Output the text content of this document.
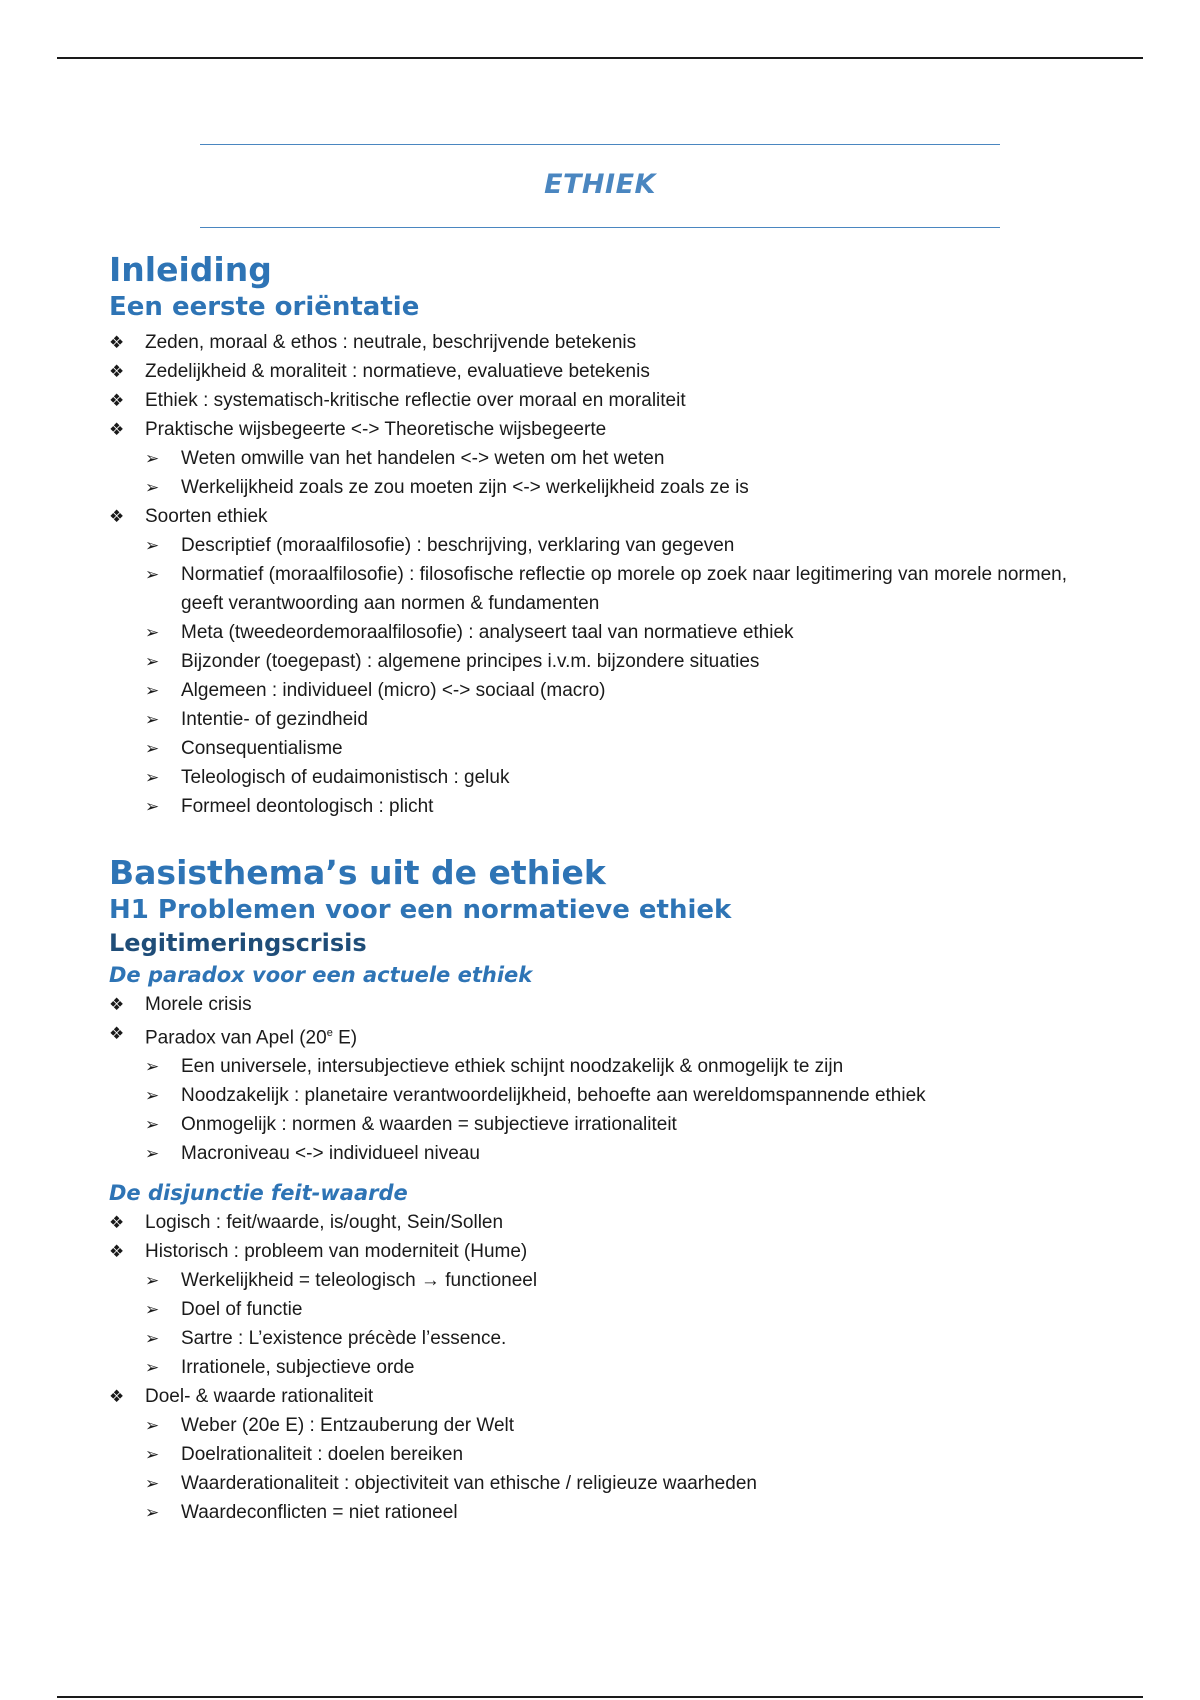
ETHIEK
Inleiding
Een eerste oriëntatie
❖ Zeden, moraal & ethos : neutrale, beschrijvende betekenis
❖ Zedelijkheid & moraliteit : normatieve, evaluatieve betekenis
❖ Ethiek : systematisch-kritische reflectie over moraal en moraliteit
❖ Praktische wijsbegeerte <-> Theoretische wijsbegeerte
➢ Weten omwille van het handelen <-> weten om het weten
➢ Werkelijkheid zoals ze zou moeten zijn <-> werkelijkheid zoals ze is
❖ Soorten ethiek
➢ Descriptief (moraalfilosofie) : beschrijving, verklaring van gegeven
➢ Normatief (moraalfilosofie) : filosofische reflectie op morele op zoek naar legitimering van morele normen, geeft verantwoording aan normen & fundamenten
➢ Meta (tweedeordemoraalfilosofie) : analyseert taal van normatieve ethiek
➢ Bijzonder (toegepast) : algemene principes i.v.m. bijzondere situaties
➢ Algemeen : individueel (micro) <-> sociaal (macro)
➢ Intentie- of gezindheid
➢ Consequentialisme
➢ Teleologisch of eudaimonistisch : geluk
➢ Formeel deontologisch : plicht
Basisthema’s uit de ethiek
H1 Problemen voor een normatieve ethiek
Legitimeringscrisis
De paradox voor een actuele ethiek
❖ Morele crisis
❖ Paradox van Apel (20e E)
➢ Een universele, intersubjectieve ethiek schijnt noodzakelijk & onmogelijk te zijn
➢ Noodzakelijk : planetaire verantwoordelijkheid, behoefte aan wereldomspannende ethiek
➢ Onmogelijk : normen & waarden = subjectieve irrationaliteit
➢ Macroniveau <-> individueel niveau
De disjunctie feit-waarde
❖ Logisch : feit/waarde, is/ought, Sein/Sollen
❖ Historisch : probleem van moderniteit (Hume)
➢ Werkelijkheid = teleologisch → functioneel
➢ Doel of functie
➢ Sartre : L’existence précède l’essence.
➢ Irrationele, subjectieve orde
❖ Doel- & waarde rationaliteit
➢ Weber (20e E) : Entzauberung der Welt
➢ Doelrationaliteit : doelen bereiken
➢ Waarderationaliteit : objectiviteit van ethische / religieuze waarheden
➢ Waardeconflicten = niet rationeel
